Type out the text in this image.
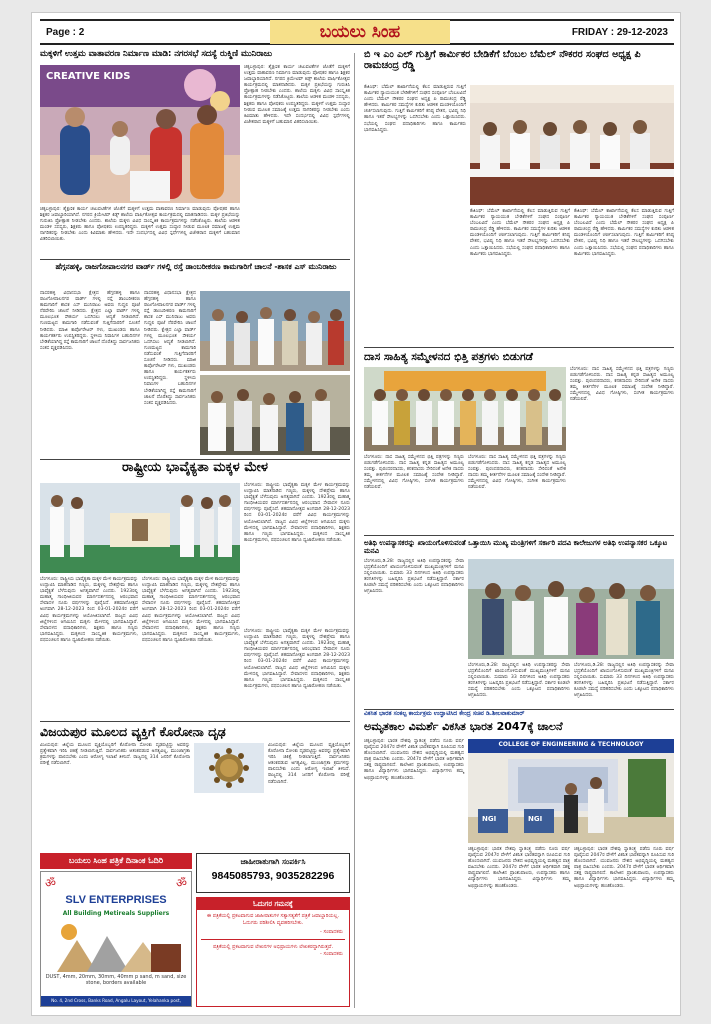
Page : 2	ಬಯಲು ಸಿಂಹ	FRIDAY : 29-12-2023
ಮಕ್ಕಳಿಗೆ ಉತ್ತಮ ವಾತಾವರಣ ನಿರ್ಮಾಣ ಮಾಡಿ: ನಗರಸಭೆ ಸದಸ್ಯೆ ರುಕ್ಮಿಣಿ ಮುನಿರಾಜು
CREATIVE KIDS
ಚಿಕ್ಕಬಳ್ಳಾಪುರ: ಶೈಕ್ಷಣಿಕ ಕಾರ್ಯ ಚಟುವಟಿಕೆಗಳ ಜೊತೆಗೆ ಮಕ್ಕಳಿಗೆ ಉತ್ತಮ ವಾತಾವರಣ ನಿರ್ಮಾಣ ಮಾಡುವುದು ಪೋಷಕರ ಹಾಗೂ ಶಿಕ್ಷಕರ ಜವಾಬ್ದಾರಿಯಾಗಿದೆ. ನಗರದ ಕ್ರಿಯೇಟಿವ್ ಕಿಡ್ಸ್ ಶಾಲೆಯ ವಾರ್ಷಿಕೋತ್ಸವ ಕಾರ್ಯಕ್ರಮದಲ್ಲಿ ಮಾತನಾಡಿದರು. ಮಕ್ಕಳ ಪ್ರತಿಭೆಯನ್ನು ಗುರುತಿಸಿ ಪ್ರೋತ್ಸಾಹ ನೀಡಬೇಕು ಎಂದರು. ಶಾಲೆಯ ಮಕ್ಕಳು ವಿವಿಧ ಸಾಂಸ್ಕೃತಿಕ ಕಾರ್ಯಕ್ರಮಗಳನ್ನು ನಡೆಸಿಕೊಟ್ಟರು. ಶಾಲೆಯ ಆಡಳಿತ ಮಂಡಳಿ ಸದಸ್ಯರು, ಶಿಕ್ಷಕರು ಹಾಗೂ ಪೋಷಕರು ಉಪಸ್ಥಿತರಿದ್ದರು. ಮಕ್ಕಳಿಗೆ ಉತ್ತಮ ಸಂಸ್ಕಾರ ನೀಡುವ ಮೂಲಕ ಸಮಾಜಕ್ಕೆ ಉತ್ತಮ ನಾಗರಿಕರನ್ನು ನೀಡಬೇಕು ಎಂದು ಕಿವಿಮಾತು ಹೇಳಿದರು. ಇದೇ ಸಂದರ್ಭದಲ್ಲಿ ವಿವಿಧ ಸ್ಪರ್ಧೆಗಳಲ್ಲಿ ವಿಜೇತರಾದ ಮಕ್ಕಳಿಗೆ ಬಹುಮಾನ ವಿತರಿಸಲಾಯಿತು.
ಚಿಕ್ಕಬಳ್ಳಾಪುರ: ಶೈಕ್ಷಣಿಕ ಕಾರ್ಯ ಚಟುವಟಿಕೆಗಳ ಜೊತೆಗೆ ಮಕ್ಕಳಿಗೆ ಉತ್ತಮ ವಾತಾವರಣ ನಿರ್ಮಾಣ ಮಾಡುವುದು ಪೋಷಕರ ಹಾಗೂ ಶಿಕ್ಷಕರ ಜವಾಬ್ದಾರಿಯಾಗಿದೆ. ನಗರದ ಕ್ರಿಯೇಟಿವ್ ಕಿಡ್ಸ್ ಶಾಲೆಯ ವಾರ್ಷಿಕೋತ್ಸವ ಕಾರ್ಯಕ್ರಮದಲ್ಲಿ ಮಾತನಾಡಿದರು. ಮಕ್ಕಳ ಪ್ರತಿಭೆಯನ್ನು ಗುರುತಿಸಿ ಪ್ರೋತ್ಸಾಹ ನೀಡಬೇಕು ಎಂದರು. ಶಾಲೆಯ ಮಕ್ಕಳು ವಿವಿಧ ಸಾಂಸ್ಕೃತಿಕ ಕಾರ್ಯಕ್ರಮಗಳನ್ನು ನಡೆಸಿಕೊಟ್ಟರು. ಶಾಲೆಯ ಆಡಳಿತ ಮಂಡಳಿ ಸದಸ್ಯರು, ಶಿಕ್ಷಕರು ಹಾಗೂ ಪೋಷಕರು ಉಪಸ್ಥಿತರಿದ್ದರು. ಮಕ್ಕಳಿಗೆ ಉತ್ತಮ ಸಂಸ್ಕಾರ ನೀಡುವ ಮೂಲಕ ಸಮಾಜಕ್ಕೆ ಉತ್ತಮ ನಾಗರಿಕರನ್ನು ನೀಡಬೇಕು ಎಂದು ಕಿವಿಮಾತು ಹೇಳಿದರು. ಇದೇ ಸಂದರ್ಭದಲ್ಲಿ ವಿವಿಧ ಸ್ಪರ್ಧೆಗಳಲ್ಲಿ ವಿಜೇತರಾದ ಮಕ್ಕಳಿಗೆ ಬಹುಮಾನ ವಿತರಿಸಲಾಯಿತು.
ಹೆಗ್ಗನಹಳ್ಳಿ, ರಾಜಗೋಪಾಲನಗರ ವಾರ್ಡ್ ಗಳಲ್ಲಿ ರಸ್ತೆ ಡಾಂಬರೀಕರಣ ಕಾಮಗಾರಿಗೆ ಚಾಲನೆ -ಶಾಸಕ ಎಸ್ ಮುನಿರಾಜು
ದಾಸರಹಳ್ಳಿ ವಿಧಾನಸಭಾ ಕ್ಷೇತ್ರದ ಹೆಗ್ಗನಹಳ್ಳಿ ಹಾಗೂ ರಾಜಗೋಪಾಲನಗರ ವಾರ್ಡ್ ಗಳಲ್ಲಿ ರಸ್ತೆ ಡಾಂಬರೀಕರಣ ಕಾಮಗಾರಿಗೆ ಶಾಸಕ ಎಸ್ ಮುನಿರಾಜು ಅವರು ಗುದ್ದಲಿ ಪೂಜೆ ನೆರವೇರಿಸಿ ಚಾಲನೆ ನೀಡಿದರು. ಕ್ಷೇತ್ರದ ಎಲ್ಲಾ ವಾರ್ಡ್ ಗಳಲ್ಲಿ ಮೂಲಭೂತ ಸೌಕರ್ಯ ಒದಗಿಸಲು ಆದ್ಯತೆ ನೀಡಲಾಗಿದೆ. ಗುಣಮಟ್ಟದ ಕಾಮಗಾರಿ ನಡೆಸುವಂತೆ ಗುತ್ತಿಗೆದಾರರಿಗೆ ಸೂಚನೆ ನೀಡಿದರು. ಮಾಜಿ ಕಾರ್ಪೊರೇಟರ್ ಗಳು, ಮುಖಂಡರು ಹಾಗೂ ಕಾರ್ಯಕರ್ತರು ಉಪಸ್ಥಿತರಿದ್ದರು. ಸ್ಥಳೀಯ ನಿವಾಸಿಗಳ ಬಹುದಿನಗಳ ಬೇಡಿಕೆಯಾಗಿದ್ದ ರಸ್ತೆ ಕಾಮಗಾರಿಗೆ ಚಾಲನೆ ದೊರೆತಿದ್ದು ಸಾರ್ವಜನಿಕರು ಸಂತಸ ವ್ಯಕ್ತಪಡಿಸಿದರು.
ದಾಸರಹಳ್ಳಿ ವಿಧಾನಸಭಾ ಕ್ಷೇತ್ರದ ಹೆಗ್ಗನಹಳ್ಳಿ ಹಾಗೂ ರಾಜಗೋಪಾಲನಗರ ವಾರ್ಡ್ ಗಳಲ್ಲಿ ರಸ್ತೆ ಡಾಂಬರೀಕರಣ ಕಾಮಗಾರಿಗೆ ಶಾಸಕ ಎಸ್ ಮುನಿರಾಜು ಅವರು ಗುದ್ದಲಿ ಪೂಜೆ ನೆರವೇರಿಸಿ ಚಾಲನೆ ನೀಡಿದರು. ಕ್ಷೇತ್ರದ ಎಲ್ಲಾ ವಾರ್ಡ್ ಗಳಲ್ಲಿ ಮೂಲಭೂತ ಸೌಕರ್ಯ ಒದಗಿಸಲು ಆದ್ಯತೆ ನೀಡಲಾಗಿದೆ. ಗುಣಮಟ್ಟದ ಕಾಮಗಾರಿ ನಡೆಸುವಂತೆ ಗುತ್ತಿಗೆದಾರರಿಗೆ ಸೂಚನೆ ನೀಡಿದರು. ಮಾಜಿ ಕಾರ್ಪೊರೇಟರ್ ಗಳು, ಮುಖಂಡರು ಹಾಗೂ ಕಾರ್ಯಕರ್ತರು ಉಪಸ್ಥಿತರಿದ್ದರು. ಸ್ಥಳೀಯ ನಿವಾಸಿಗಳ ಬಹುದಿನಗಳ ಬೇಡಿಕೆಯಾಗಿದ್ದ ರಸ್ತೆ ಕಾಮಗಾರಿಗೆ ಚಾಲನೆ ದೊರೆತಿದ್ದು ಸಾರ್ವಜನಿಕರು ಸಂತಸ ವ್ಯಕ್ತಪಡಿಸಿದರು.
ರಾಷ್ಟ್ರೀಯ ಭಾವೈಕ್ಯತಾ ಮಕ್ಕಳ ಮೇಳ
ಬೆಂಗಳೂರು: ರಾಷ್ಟ್ರೀಯ ಭಾವೈಕ್ಯತಾ ಮಕ್ಕಳ ಮೇಳ ಕಾರ್ಯಕ್ರಮವನ್ನು ಉದ್ಘಾಟಿಸಿ ಮಾತನಾಡಿದ ಗಣ್ಯರು, ಮಕ್ಕಳಲ್ಲಿ ದೇಶಪ್ರೇಮ ಹಾಗೂ ಭಾವೈಕ್ಯತೆ ಬೆಳೆಸುವುದು ಅಗತ್ಯವಾಗಿದೆ ಎಂದರು. 1923ರಲ್ಲಿ ಮಹಾತ್ಮ ಗಾಂಧೀಜಿಯವರ ಮಾರ್ಗದರ್ಶನದಲ್ಲಿ ಆರಂಭವಾದ ಸೇವಾದಳ ನೂರು ವರ್ಷಗಳನ್ನು ಪೂರೈಸಿದೆ. ಶತಮಾನೋತ್ಸವ ಅಂಗವಾಗಿ 28-12-2023 ರಿಂದ 03-01-2024ರ ವರೆಗೆ ವಿವಿಧ ಕಾರ್ಯಕ್ರಮಗಳನ್ನು ಆಯೋಜಿಸಲಾಗಿದೆ. ರಾಜ್ಯದ ವಿವಿಧ ಜಿಲ್ಲೆಗಳಿಂದ ಆಗಮಿಸಿದ ಮಕ್ಕಳು ಮೇಳದಲ್ಲಿ ಭಾಗವಹಿಸಿದ್ದಾರೆ. ಸೇವಾದಳದ ಪದಾಧಿಕಾರಿಗಳು, ಶಿಕ್ಷಕರು ಹಾಗೂ ಗಣ್ಯರು ಭಾಗವಹಿಸಿದ್ದರು. ಮಕ್ಕಳಿಂದ ಸಾಂಸ್ಕೃತಿಕ ಕಾರ್ಯಕ್ರಮಗಳು, ಪಥಸಂಚಲನ ಹಾಗೂ ಧ್ವಜಾರೋಹಣ ನಡೆಯಿತು.
ಬೆಂಗಳೂರು: ರಾಷ್ಟ್ರೀಯ ಭಾವೈಕ್ಯತಾ ಮಕ್ಕಳ ಮೇಳ ಕಾರ್ಯಕ್ರಮವನ್ನು ಉದ್ಘಾಟಿಸಿ ಮಾತನಾಡಿದ ಗಣ್ಯರು, ಮಕ್ಕಳಲ್ಲಿ ದೇಶಪ್ರೇಮ ಹಾಗೂ ಭಾವೈಕ್ಯತೆ ಬೆಳೆಸುವುದು ಅಗತ್ಯವಾಗಿದೆ ಎಂದರು. 1923ರಲ್ಲಿ ಮಹಾತ್ಮ ಗಾಂಧೀಜಿಯವರ ಮಾರ್ಗದರ್ಶನದಲ್ಲಿ ಆರಂಭವಾದ ಸೇವಾದಳ ನೂರು ವರ್ಷಗಳನ್ನು ಪೂರೈಸಿದೆ. ಶತಮಾನೋತ್ಸವ ಅಂಗವಾಗಿ 28-12-2023 ರಿಂದ 03-01-2024ರ ವರೆಗೆ ವಿವಿಧ ಕಾರ್ಯಕ್ರಮಗಳನ್ನು ಆಯೋಜಿಸಲಾಗಿದೆ. ರಾಜ್ಯದ ವಿವಿಧ ಜಿಲ್ಲೆಗಳಿಂದ ಆಗಮಿಸಿದ ಮಕ್ಕಳು ಮೇಳದಲ್ಲಿ ಭಾಗವಹಿಸಿದ್ದಾರೆ. ಸೇವಾದಳದ ಪದಾಧಿಕಾರಿಗಳು, ಶಿಕ್ಷಕರು ಹಾಗೂ ಗಣ್ಯರು ಭಾಗವಹಿಸಿದ್ದರು. ಮಕ್ಕಳಿಂದ ಸಾಂಸ್ಕೃತಿಕ ಕಾರ್ಯಕ್ರಮಗಳು, ಪಥಸಂಚಲನ ಹಾಗೂ ಧ್ವಜಾರೋಹಣ ನಡೆಯಿತು.
ಬೆಂಗಳೂರು: ರಾಷ್ಟ್ರೀಯ ಭಾವೈಕ್ಯತಾ ಮಕ್ಕಳ ಮೇಳ ಕಾರ್ಯಕ್ರಮವನ್ನು ಉದ್ಘಾಟಿಸಿ ಮಾತನಾಡಿದ ಗಣ್ಯರು, ಮಕ್ಕಳಲ್ಲಿ ದೇಶಪ್ರೇಮ ಹಾಗೂ ಭಾವೈಕ್ಯತೆ ಬೆಳೆಸುವುದು ಅಗತ್ಯವಾಗಿದೆ ಎಂದರು. 1923ರಲ್ಲಿ ಮಹಾತ್ಮ ಗಾಂಧೀಜಿಯವರ ಮಾರ್ಗದರ್ಶನದಲ್ಲಿ ಆರಂಭವಾದ ಸೇವಾದಳ ನೂರು ವರ್ಷಗಳನ್ನು ಪೂರೈಸಿದೆ. ಶತಮಾನೋತ್ಸವ ಅಂಗವಾಗಿ 28-12-2023 ರಿಂದ 03-01-2024ರ ವರೆಗೆ ವಿವಿಧ ಕಾರ್ಯಕ್ರಮಗಳನ್ನು ಆಯೋಜಿಸಲಾಗಿದೆ. ರಾಜ್ಯದ ವಿವಿಧ ಜಿಲ್ಲೆಗಳಿಂದ ಆಗಮಿಸಿದ ಮಕ್ಕಳು ಮೇಳದಲ್ಲಿ ಭಾಗವಹಿಸಿದ್ದಾರೆ. ಸೇವಾದಳದ ಪದಾಧಿಕಾರಿಗಳು, ಶಿಕ್ಷಕರು ಹಾಗೂ ಗಣ್ಯರು ಭಾಗವಹಿಸಿದ್ದರು. ಮಕ್ಕಳಿಂದ ಸಾಂಸ್ಕೃತಿಕ ಕಾರ್ಯಕ್ರಮಗಳು, ಪಥಸಂಚಲನ ಹಾಗೂ ಧ್ವಜಾರೋಹಣ ನಡೆಯಿತು.
ಬೆಂಗಳೂರು: ರಾಷ್ಟ್ರೀಯ ಭಾವೈಕ್ಯತಾ ಮಕ್ಕಳ ಮೇಳ ಕಾರ್ಯಕ್ರಮವನ್ನು ಉದ್ಘಾಟಿಸಿ ಮಾತನಾಡಿದ ಗಣ್ಯರು, ಮಕ್ಕಳಲ್ಲಿ ದೇಶಪ್ರೇಮ ಹಾಗೂ ಭಾವೈಕ್ಯತೆ ಬೆಳೆಸುವುದು ಅಗತ್ಯವಾಗಿದೆ ಎಂದರು. 1923ರಲ್ಲಿ ಮಹಾತ್ಮ ಗಾಂಧೀಜಿಯವರ ಮಾರ್ಗದರ್ಶನದಲ್ಲಿ ಆರಂಭವಾದ ಸೇವಾದಳ ನೂರು ವರ್ಷಗಳನ್ನು ಪೂರೈಸಿದೆ. ಶತಮಾನೋತ್ಸವ ಅಂಗವಾಗಿ 28-12-2023 ರಿಂದ 03-01-2024ರ ವರೆಗೆ ವಿವಿಧ ಕಾರ್ಯಕ್ರಮಗಳನ್ನು ಆಯೋಜಿಸಲಾಗಿದೆ. ರಾಜ್ಯದ ವಿವಿಧ ಜಿಲ್ಲೆಗಳಿಂದ ಆಗಮಿಸಿದ ಮಕ್ಕಳು ಮೇಳದಲ್ಲಿ ಭಾಗವಹಿಸಿದ್ದಾರೆ. ಸೇವಾದಳದ ಪದಾಧಿಕಾರಿಗಳು, ಶಿಕ್ಷಕರು ಹಾಗೂ ಗಣ್ಯರು ಭಾಗವಹಿಸಿದ್ದರು. ಮಕ್ಕಳಿಂದ ಸಾಂಸ್ಕೃತಿಕ ಕಾರ್ಯಕ್ರಮಗಳು, ಪಥಸಂಚಲನ ಹಾಗೂ ಧ್ವಜಾರೋಹಣ ನಡೆಯಿತು.
ವಿಜಯಪುರ ಮೂಲದ ವ್ಯಕ್ತಿಗೆ ಕೊರೋನಾ ದೃಢ
ವಿಜಯಪುರ: ಜಿಲ್ಲೆಯ ಮೂಲದ ವ್ಯಕ್ತಿಯೊಬ್ಬರಿಗೆ ಕೊರೋನಾ ಸೋಂಕು ದೃಢಪಟ್ಟಿದ್ದು ಅವರನ್ನು ಪ್ರತ್ಯೇಕವಾಗಿ ಇರಿಸಿ ಚಿಕಿತ್ಸೆ ನೀಡಲಾಗುತ್ತಿದೆ. ಸಾರ್ವಜನಿಕರು ಆತಂಕಪಡುವ ಅಗತ್ಯವಿಲ್ಲ, ಮುಂಜಾಗ್ರತಾ ಕ್ರಮಗಳನ್ನು ಪಾಲಿಸಬೇಕು ಎಂದು ಆರೋಗ್ಯ ಇಲಾಖೆ ತಿಳಿಸಿದೆ. ರಾಜ್ಯದಲ್ಲಿ 314 ಜನರಿಗೆ ಕೊರೋನಾ ಪರೀಕ್ಷೆ ನಡೆಸಲಾಗಿದೆ.
ವಿಜಯಪುರ: ಜಿಲ್ಲೆಯ ಮೂಲದ ವ್ಯಕ್ತಿಯೊಬ್ಬರಿಗೆ ಕೊರೋನಾ ಸೋಂಕು ದೃಢಪಟ್ಟಿದ್ದು ಅವರನ್ನು ಪ್ರತ್ಯೇಕವಾಗಿ ಇರಿಸಿ ಚಿಕಿತ್ಸೆ ನೀಡಲಾಗುತ್ತಿದೆ. ಸಾರ್ವಜನಿಕರು ಆತಂಕಪಡುವ ಅಗತ್ಯವಿಲ್ಲ, ಮುಂಜಾಗ್ರತಾ ಕ್ರಮಗಳನ್ನು ಪಾಲಿಸಬೇಕು ಎಂದು ಆರೋಗ್ಯ ಇಲಾಖೆ ತಿಳಿಸಿದೆ. ರಾಜ್ಯದಲ್ಲಿ 314 ಜನರಿಗೆ ಕೊರೋನಾ ಪರೀಕ್ಷೆ ನಡೆಸಲಾಗಿದೆ.
ಬಯಲು ಸಿಂಹ ಪತ್ರಿಕೆ ದಿನಾಂಕ ಓದಿರಿ
ॐ	ॐ
SLV ENTERPRISES
All Building Metireals Suppliers
DUST, 4mm, 20mm, 30mm, 40mm p sand, m sand, size stone, borders available
No. 4, 2nd Cross, Banks Road, Angalu Layout, Yelahanka post, Bangalore-64
ಜಾಹೀರಾತುಗಾಗಿ ಸಂಪರ್ಕಿಸಿ
9845085793, 9035282296
ಓದುಗರ ಗಮನಕ್ಕೆ
ಈ ಪತ್ರಿಕೆಯಲ್ಲಿ ಪ್ರಕಟವಾಗುವ ಜಾಹೀರಾತುಗಳ ಸತ್ಯಾಸತ್ಯತೆಗೆ ಪತ್ರಿಕೆ ಜವಾಬ್ದಾರಿಯಲ್ಲ. ಓದುಗರು ಪರಿಶೀಲಿಸಿ ವ್ಯವಹರಿಸಬೇಕು.
- ಸಂಪಾದಕರು
ಪತ್ರಿಕೆಯಲ್ಲಿ ಪ್ರಕಟವಾಗುವ ಲೇಖನಗಳ ಅಭಿಪ್ರಾಯಗಳು ಲೇಖಕರದ್ದಾಗಿರುತ್ತವೆ.
- ಸಂಪಾದಕರು
ಬಿ ಇ ಎಂ ಎಲ್ ಗುತ್ತಿಗೆ ಕಾರ್ಮಿಕರ ಬೇಡಿಕೆಗೆ ಬೆಂಬಲ ಬೆಮೆಲ್ ನೌಕರರ ಸಂಘದ ಅಧ್ಯಕ್ಷ ಪಿ ರಾಮಚಂದ್ರ ರೆಡ್ಡಿ
ಕೆಜಿಎಫ್: ಬೆಮೆಲ್ ಕಾರ್ಖಾನೆಯಲ್ಲಿ ಕೆಲಸ ಮಾಡುತ್ತಿರುವ ಗುತ್ತಿಗೆ ಕಾರ್ಮಿಕರ ನ್ಯಾಯಯುತ ಬೇಡಿಕೆಗಳಿಗೆ ಸಂಘದ ಸಂಪೂರ್ಣ ಬೆಂಬಲವಿದೆ ಎಂದು ಬೆಮೆಲ್ ನೌಕರರ ಸಂಘದ ಅಧ್ಯಕ್ಷ ಪಿ ರಾಮಚಂದ್ರ ರೆಡ್ಡಿ ಹೇಳಿದರು. ಕಾರ್ಮಿಕರ ಸಮಸ್ಯೆಗಳ ಕುರಿತು ಆಡಳಿತ ಮಂಡಳಿಯೊಂದಿಗೆ ಚರ್ಚಿಸಲಾಗುವುದು. ಗುತ್ತಿಗೆ ಕಾರ್ಮಿಕರಿಗೆ ಕನಿಷ್ಠ ವೇತನ, ಭವಿಷ್ಯ ನಿಧಿ ಹಾಗೂ ಇತರೆ ಸೌಲಭ್ಯಗಳನ್ನು ಒದಗಿಸಬೇಕು ಎಂದು ಒತ್ತಾಯಿಸಿದರು. ಸಭೆಯಲ್ಲಿ ಸಂಘದ ಪದಾಧಿಕಾರಿಗಳು ಹಾಗೂ ಕಾರ್ಮಿಕರು ಭಾಗವಹಿಸಿದ್ದರು.
ಕೆಜಿಎಫ್: ಬೆಮೆಲ್ ಕಾರ್ಖಾನೆಯಲ್ಲಿ ಕೆಲಸ ಮಾಡುತ್ತಿರುವ ಗುತ್ತಿಗೆ ಕಾರ್ಮಿಕರ ನ್ಯಾಯಯುತ ಬೇಡಿಕೆಗಳಿಗೆ ಸಂಘದ ಸಂಪೂರ್ಣ ಬೆಂಬಲವಿದೆ ಎಂದು ಬೆಮೆಲ್ ನೌಕರರ ಸಂಘದ ಅಧ್ಯಕ್ಷ ಪಿ ರಾಮಚಂದ್ರ ರೆಡ್ಡಿ ಹೇಳಿದರು. ಕಾರ್ಮಿಕರ ಸಮಸ್ಯೆಗಳ ಕುರಿತು ಆಡಳಿತ ಮಂಡಳಿಯೊಂದಿಗೆ ಚರ್ಚಿಸಲಾಗುವುದು. ಗುತ್ತಿಗೆ ಕಾರ್ಮಿಕರಿಗೆ ಕನಿಷ್ಠ ವೇತನ, ಭವಿಷ್ಯ ನಿಧಿ ಹಾಗೂ ಇತರೆ ಸೌಲಭ್ಯಗಳನ್ನು ಒದಗಿಸಬೇಕು ಎಂದು ಒತ್ತಾಯಿಸಿದರು. ಸಭೆಯಲ್ಲಿ ಸಂಘದ ಪದಾಧಿಕಾರಿಗಳು ಹಾಗೂ ಕಾರ್ಮಿಕರು ಭಾಗವಹಿಸಿದ್ದರು.
ಕೆಜಿಎಫ್: ಬೆಮೆಲ್ ಕಾರ್ಖಾನೆಯಲ್ಲಿ ಕೆಲಸ ಮಾಡುತ್ತಿರುವ ಗುತ್ತಿಗೆ ಕಾರ್ಮಿಕರ ನ್ಯಾಯಯುತ ಬೇಡಿಕೆಗಳಿಗೆ ಸಂಘದ ಸಂಪೂರ್ಣ ಬೆಂಬಲವಿದೆ ಎಂದು ಬೆಮೆಲ್ ನೌಕರರ ಸಂಘದ ಅಧ್ಯಕ್ಷ ಪಿ ರಾಮಚಂದ್ರ ರೆಡ್ಡಿ ಹೇಳಿದರು. ಕಾರ್ಮಿಕರ ಸಮಸ್ಯೆಗಳ ಕುರಿತು ಆಡಳಿತ ಮಂಡಳಿಯೊಂದಿಗೆ ಚರ್ಚಿಸಲಾಗುವುದು. ಗುತ್ತಿಗೆ ಕಾರ್ಮಿಕರಿಗೆ ಕನಿಷ್ಠ ವೇತನ, ಭವಿಷ್ಯ ನಿಧಿ ಹಾಗೂ ಇತರೆ ಸೌಲಭ್ಯಗಳನ್ನು ಒದಗಿಸಬೇಕು ಎಂದು ಒತ್ತಾಯಿಸಿದರು. ಸಭೆಯಲ್ಲಿ ಸಂಘದ ಪದಾಧಿಕಾರಿಗಳು ಹಾಗೂ ಕಾರ್ಮಿಕರು ಭಾಗವಹಿಸಿದ್ದರು.
ದಾಸ ಸಾಹಿತ್ಯ ಸಮ್ಮೇಳನದ ಭಿತ್ತಿ ಪತ್ರಗಳು ಬಿಡುಗಡೆ
ಬೆಂಗಳೂರು: ದಾಸ ಸಾಹಿತ್ಯ ಸಮ್ಮೇಳನದ ಭಿತ್ತಿ ಪತ್ರಗಳನ್ನು ಗಣ್ಯರು ಬಿಡುಗಡೆಗೊಳಿಸಿದರು. ದಾಸ ಸಾಹಿತ್ಯ ಕನ್ನಡ ಸಾಹಿತ್ಯದ ಅಮೂಲ್ಯ ಸಂಪತ್ತು. ಪುರಂದರದಾಸರು, ಕನಕದಾಸರು ಸೇರಿದಂತೆ ಅನೇಕ ದಾಸರು ತಮ್ಮ ಕೀರ್ತನೆಗಳ ಮೂಲಕ ಸಮಾಜಕ್ಕೆ ಸಂದೇಶ ನೀಡಿದ್ದಾರೆ. ಸಮ್ಮೇಳನದಲ್ಲಿ ವಿವಿಧ ಗೋಷ್ಠಿಗಳು, ಸಂಗೀತ ಕಾರ್ಯಕ್ರಮಗಳು ನಡೆಯಲಿವೆ.
ಬೆಂಗಳೂರು: ದಾಸ ಸಾಹಿತ್ಯ ಸಮ್ಮೇಳನದ ಭಿತ್ತಿ ಪತ್ರಗಳನ್ನು ಗಣ್ಯರು ಬಿಡುಗಡೆಗೊಳಿಸಿದರು. ದಾಸ ಸಾಹಿತ್ಯ ಕನ್ನಡ ಸಾಹಿತ್ಯದ ಅಮೂಲ್ಯ ಸಂಪತ್ತು. ಪುರಂದರದಾಸರು, ಕನಕದಾಸರು ಸೇರಿದಂತೆ ಅನೇಕ ದಾಸರು ತಮ್ಮ ಕೀರ್ತನೆಗಳ ಮೂಲಕ ಸಮಾಜಕ್ಕೆ ಸಂದೇಶ ನೀಡಿದ್ದಾರೆ. ಸಮ್ಮೇಳನದಲ್ಲಿ ವಿವಿಧ ಗೋಷ್ಠಿಗಳು, ಸಂಗೀತ ಕಾರ್ಯಕ್ರಮಗಳು ನಡೆಯಲಿವೆ.
ಬೆಂಗಳೂರು: ದಾಸ ಸಾಹಿತ್ಯ ಸಮ್ಮೇಳನದ ಭಿತ್ತಿ ಪತ್ರಗಳನ್ನು ಗಣ್ಯರು ಬಿಡುಗಡೆಗೊಳಿಸಿದರು. ದಾಸ ಸಾಹಿತ್ಯ ಕನ್ನಡ ಸಾಹಿತ್ಯದ ಅಮೂಲ್ಯ ಸಂಪತ್ತು. ಪುರಂದರದಾಸರು, ಕನಕದಾಸರು ಸೇರಿದಂತೆ ಅನೇಕ ದಾಸರು ತಮ್ಮ ಕೀರ್ತನೆಗಳ ಮೂಲಕ ಸಮಾಜಕ್ಕೆ ಸಂದೇಶ ನೀಡಿದ್ದಾರೆ. ಸಮ್ಮೇಳನದಲ್ಲಿ ವಿವಿಧ ಗೋಷ್ಠಿಗಳು, ಸಂಗೀತ ಕಾರ್ಯಕ್ರಮಗಳು ನಡೆಯಲಿವೆ.
ಅತಿಥಿ ಉಪನ್ಯಾಸಕರನ್ನು ಖಾಯಂಗೊಳಿಸುವಂತೆ ಒತ್ತಾಯಿಸಿ ಮುಖ್ಯ ಮಂತ್ರಿಗಳಿಗೆ ಸರ್ಕಾರಿ ಪದವಿ ಕಾಲೇಜುಗಳ ಅತಿಥಿ ಉಪನ್ಯಾಸಕರ ಒಕ್ಕೂಟ ಮನವಿ
ಬೆಂಗಳೂರು,ಡಿ.28: ರಾಜ್ಯದಲ್ಲಿನ ಅತಿಥಿ ಉಪನ್ಯಾಸಕರನ್ನು ಸೇವಾ ಭದ್ರತೆಯೊಂದಿಗೆ ಖಾಯಂಗೊಳಿಸುವಂತೆ ಮುಖ್ಯಮಂತ್ರಿಗಳಿಗೆ ಮನವಿ ಸಲ್ಲಿಸಲಾಯಿತು. ಸುಮಾರು 33 ದಿನಗಳಿಂದ ಅತಿಥಿ ಉಪನ್ಯಾಸಕರು ತರಗತಿಗಳನ್ನು ಬಹಿಷ್ಕರಿಸಿ ಪ್ರತಿಭಟನೆ ನಡೆಸುತ್ತಿದ್ದಾರೆ. ಸರ್ಕಾರ ಕೂಡಲೇ ಸಮಸ್ಯೆ ಪರಿಹರಿಸಬೇಕು ಎಂದು ಒಕ್ಕೂಟದ ಪದಾಧಿಕಾರಿಗಳು ಆಗ್ರಹಿಸಿದರು.
ಬೆಂಗಳೂರು,ಡಿ.28: ರಾಜ್ಯದಲ್ಲಿನ ಅತಿಥಿ ಉಪನ್ಯಾಸಕರನ್ನು ಸೇವಾ ಭದ್ರತೆಯೊಂದಿಗೆ ಖಾಯಂಗೊಳಿಸುವಂತೆ ಮುಖ್ಯಮಂತ್ರಿಗಳಿಗೆ ಮನವಿ ಸಲ್ಲಿಸಲಾಯಿತು. ಸುಮಾರು 33 ದಿನಗಳಿಂದ ಅತಿಥಿ ಉಪನ್ಯಾಸಕರು ತರಗತಿಗಳನ್ನು ಬಹಿಷ್ಕರಿಸಿ ಪ್ರತಿಭಟನೆ ನಡೆಸುತ್ತಿದ್ದಾರೆ. ಸರ್ಕಾರ ಕೂಡಲೇ ಸಮಸ್ಯೆ ಪರಿಹರಿಸಬೇಕು ಎಂದು ಒಕ್ಕೂಟದ ಪದಾಧಿಕಾರಿಗಳು ಆಗ್ರಹಿಸಿದರು.
ಬೆಂಗಳೂರು,ಡಿ.28: ರಾಜ್ಯದಲ್ಲಿನ ಅತಿಥಿ ಉಪನ್ಯಾಸಕರನ್ನು ಸೇವಾ ಭದ್ರತೆಯೊಂದಿಗೆ ಖಾಯಂಗೊಳಿಸುವಂತೆ ಮುಖ್ಯಮಂತ್ರಿಗಳಿಗೆ ಮನವಿ ಸಲ್ಲಿಸಲಾಯಿತು. ಸುಮಾರು 33 ದಿನಗಳಿಂದ ಅತಿಥಿ ಉಪನ್ಯಾಸಕರು ತರಗತಿಗಳನ್ನು ಬಹಿಷ್ಕರಿಸಿ ಪ್ರತಿಭಟನೆ ನಡೆಸುತ್ತಿದ್ದಾರೆ. ಸರ್ಕಾರ ಕೂಡಲೇ ಸಮಸ್ಯೆ ಪರಿಹರಿಸಬೇಕು ಎಂದು ಒಕ್ಕೂಟದ ಪದಾಧಿಕಾರಿಗಳು ಆಗ್ರಹಿಸಿದರು.
ವಿಕಸಿತ ಭಾರತ ಸಂಕಲ್ಪ ಕಾರ್ಯಕ್ರಮ ಉದ್ಘಾಟಿಸಿದ ಕೇಂದ್ರ ಸಚಿವ ಡಿ.ಶೀಲವಾಕುಮಾರ್
ಅಮೃತಕಾಲ ವಿಮರ್ಶೆ ವಿಕಸಿತ ಭಾರತ 2047ಕ್ಕೆ ಚಾಲನೆ
ಚಿಕ್ಕಬಳ್ಳಾಪುರ: ಭಾರತ ದೇಶವು ಸ್ವಾತಂತ್ರ್ಯ ಪಡೆದು ನೂರು ವರ್ಷ ಪೂರೈಸುವ 2047ರ ವೇಳೆಗೆ ವಿಕಸಿತ ಭಾರತವನ್ನಾಗಿ ರೂಪಿಸುವ ಗುರಿ ಹೊಂದಲಾಗಿದೆ. ಯುವಜನರು ದೇಶದ ಅಭಿವೃದ್ಧಿಯಲ್ಲಿ ಮಹತ್ವದ ಪಾತ್ರ ವಹಿಸಬೇಕು ಎಂದರು. 2047ರ ವೇಳೆಗೆ ಭಾರತ ಆರ್ಥಿಕವಾಗಿ ಸಶಕ್ತ ರಾಷ್ಟ್ರವಾಗಲಿದೆ. ಕಾಲೇಜಿನ ಪ್ರಾಂಶುಪಾಲರು, ಉಪನ್ಯಾಸಕರು ಹಾಗೂ ವಿದ್ಯಾರ್ಥಿಗಳು ಭಾಗವಹಿಸಿದ್ದರು. ವಿದ್ಯಾರ್ಥಿಗಳು ತಮ್ಮ ಅಭಿಪ್ರಾಯಗಳನ್ನು ಹಂಚಿಕೊಂಡರು.
COLLEGE OF ENGINEERING & TECHNOLOGY
NGI	NGI
ಚಿಕ್ಕಬಳ್ಳಾಪುರ: ಭಾರತ ದೇಶವು ಸ್ವಾತಂತ್ರ್ಯ ಪಡೆದು ನೂರು ವರ್ಷ ಪೂರೈಸುವ 2047ರ ವೇಳೆಗೆ ವಿಕಸಿತ ಭಾರತವನ್ನಾಗಿ ರೂಪಿಸುವ ಗುರಿ ಹೊಂದಲಾಗಿದೆ. ಯುವಜನರು ದೇಶದ ಅಭಿವೃದ್ಧಿಯಲ್ಲಿ ಮಹತ್ವದ ಪಾತ್ರ ವಹಿಸಬೇಕು ಎಂದರು. 2047ರ ವೇಳೆಗೆ ಭಾರತ ಆರ್ಥಿಕವಾಗಿ ಸಶಕ್ತ ರಾಷ್ಟ್ರವಾಗಲಿದೆ. ಕಾಲೇಜಿನ ಪ್ರಾಂಶುಪಾಲರು, ಉಪನ್ಯಾಸಕರು ಹಾಗೂ ವಿದ್ಯಾರ್ಥಿಗಳು ಭಾಗವಹಿಸಿದ್ದರು. ವಿದ್ಯಾರ್ಥಿಗಳು ತಮ್ಮ ಅಭಿಪ್ರಾಯಗಳನ್ನು ಹಂಚಿಕೊಂಡರು.
ಚಿಕ್ಕಬಳ್ಳಾಪುರ: ಭಾರತ ದೇಶವು ಸ್ವಾತಂತ್ರ್ಯ ಪಡೆದು ನೂರು ವರ್ಷ ಪೂರೈಸುವ 2047ರ ವೇಳೆಗೆ ವಿಕಸಿತ ಭಾರತವನ್ನಾಗಿ ರೂಪಿಸುವ ಗುರಿ ಹೊಂದಲಾಗಿದೆ. ಯುವಜನರು ದೇಶದ ಅಭಿವೃದ್ಧಿಯಲ್ಲಿ ಮಹತ್ವದ ಪಾತ್ರ ವಹಿಸಬೇಕು ಎಂದರು. 2047ರ ವೇಳೆಗೆ ಭಾರತ ಆರ್ಥಿಕವಾಗಿ ಸಶಕ್ತ ರಾಷ್ಟ್ರವಾಗಲಿದೆ. ಕಾಲೇಜಿನ ಪ್ರಾಂಶುಪಾಲರು, ಉಪನ್ಯಾಸಕರು ಹಾಗೂ ವಿದ್ಯಾರ್ಥಿಗಳು ಭಾಗವಹಿಸಿದ್ದರು. ವಿದ್ಯಾರ್ಥಿಗಳು ತಮ್ಮ ಅಭಿಪ್ರಾಯಗಳನ್ನು ಹಂಚಿಕೊಂಡರು.
